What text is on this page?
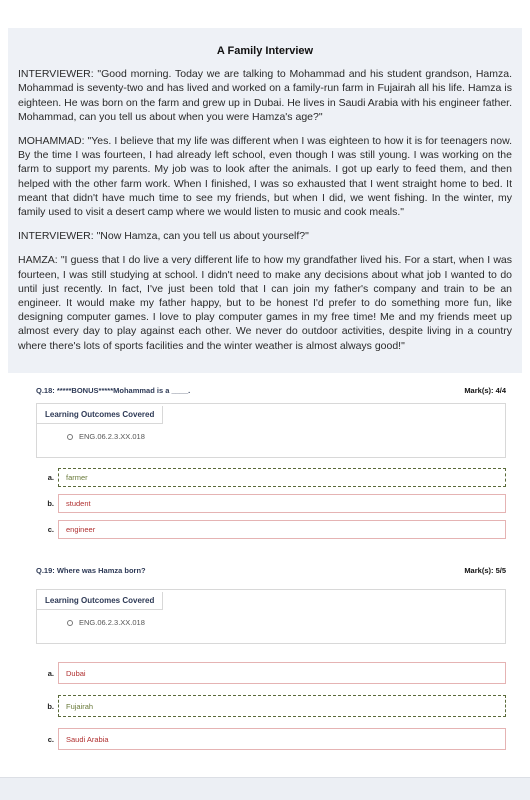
A Family Interview

INTERVIEWER: "Good morning. Today we are talking to Mohammad and his student grandson, Hamza. Mohammad is seventy-two and has lived and worked on a family-run farm in Fujairah all his life. Hamza is eighteen. He was born on the farm and grew up in Dubai. He lives in Saudi Arabia with his engineer father. Mohammad, can you tell us about when you were Hamza's age?"

MOHAMMAD: "Yes. I believe that my life was different when I was eighteen to how it is for teenagers now. By the time I was fourteen, I had already left school, even though I was still young. I was working on the farm to support my parents. My job was to look after the animals. I got up early to feed them, and then helped with the other farm work. When I finished, I was so exhausted that I went straight home to bed. It meant that didn't have much time to see my friends, but when I did, we went fishing. In the winter, my family used to visit a desert camp where we would listen to music and cook meals."

INTERVIEWER: "Now Hamza, can you tell us about yourself?"

HAMZA: "I guess that I do live a very different life to how my grandfather lived his. For a start, when I was fourteen, I was still studying at school. I didn't need to make any decisions about what job I wanted to do until just recently. In fact, I've just been told that I can join my father's company and train to be an engineer. It would make my father happy, but to be honest I'd prefer to do something more fun, like designing computer games. I love to play computer games in my free time! Me and my friends meet up almost every day to play against each other. We never do outdoor activities, despite living in a country where there's lots of sports facilities and the winter weather is almost always good!"

Q.18: *****BONUS*****Mohammad is a ____.	Mark(s): 4/4
Learning Outcomes Covered
ENG.06.2.3.XX.018
a. farmer
b. student
c. engineer
Q.19: Where was Hamza born?	Mark(s): 5/5
Learning Outcomes Covered
ENG.06.2.3.XX.018
a. Dubai
b. Fujairah
c. Saudi Arabia
